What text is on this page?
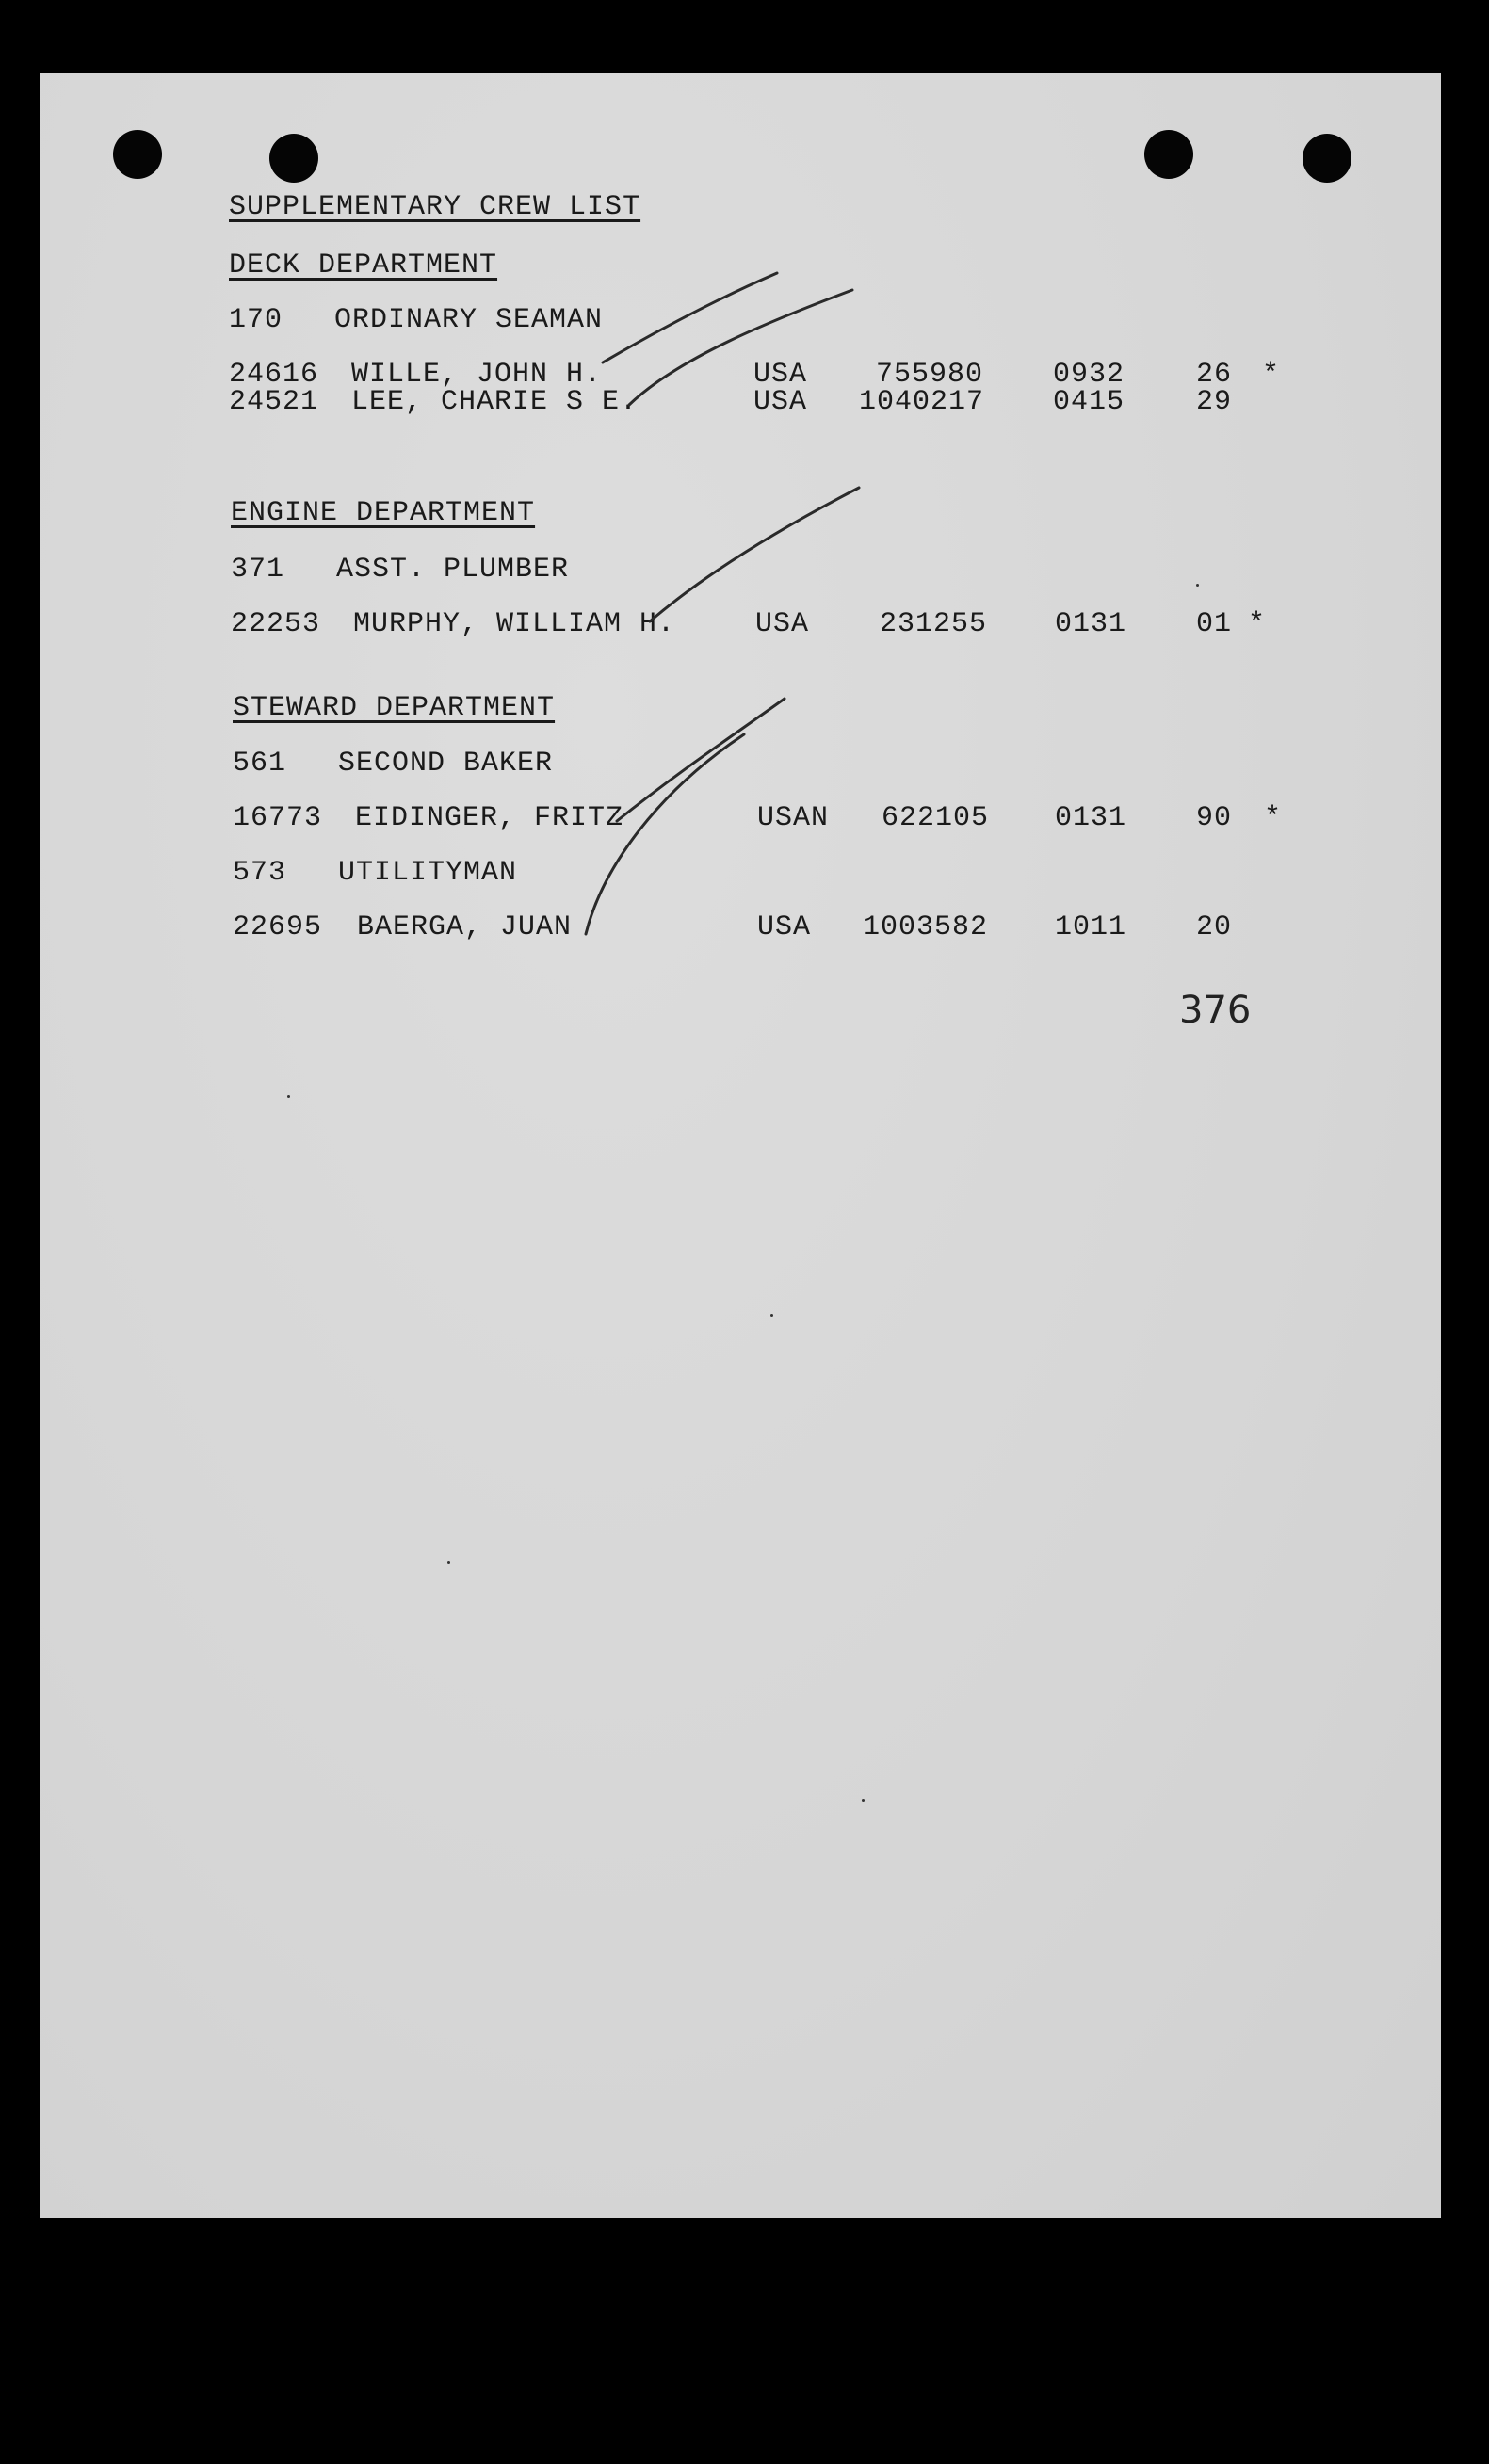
SUPPLEMENTARY CREW LIST
DECK DEPARTMENT
170 ORDINARY SEAMAN
24616 WILLE, JOHN H.	USA 755980 0932	26 *
24521 LEE, CHARIE S E.	USA 1040217 0415	29
ENGINE DEPARTMENT
371 ASST. PLUMBER
22253 MURPHY, WILLIAM H.	USA 231255 0131 01 *
STEWARD DEPARTMENT
561 SECOND BAKER
16773 EIDINGER, FRITZ	USAN 622105 0131 90 *
573 UTILITYMAN
22695 BAERGA, JUAN	USA 1003582 1011 20
376
